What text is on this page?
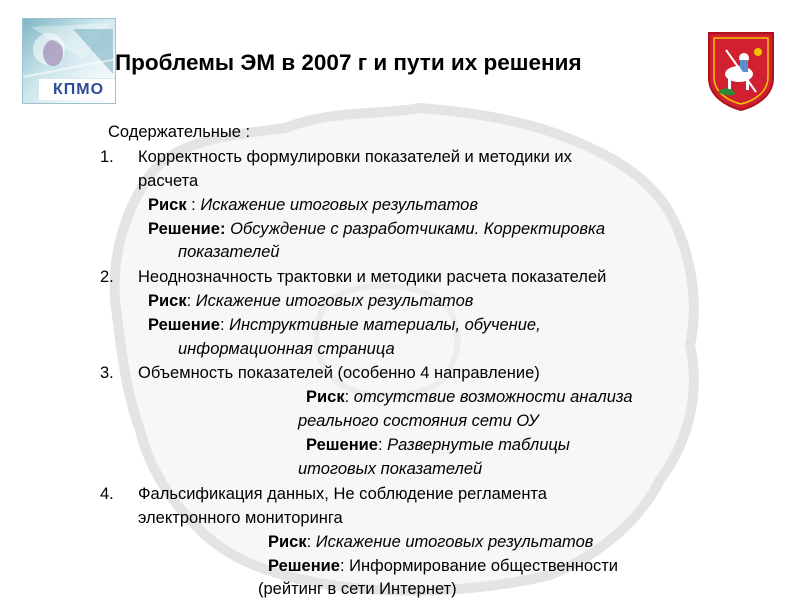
КПМО
Проблемы ЭМ в 2007 г и пути их решения
Содержательные :
1. Корректность формулировки показателей и методики их
расчета
Риск : Искажение итоговых результатов
Решение: Обсуждение с разработчиками. Корректировка
показателей
2. Неоднозначность трактовки и методики расчета показателей
Риск: Искажение итоговых результатов
Решение: Инструктивные материалы, обучение,
информационная страница
3. Объемность показателей (особенно 4 направление)
Риск: отсутствие возможности анализа
реального состояния сети ОУ
Решение: Развернутые таблицы
итоговых показателей
4. Фальсификация данных, Не соблюдение регламента
электронного мониторинга
Риск: Искажение итоговых результатов
Решение: Информирование общественности
(рейтинг в сети Интернет)
